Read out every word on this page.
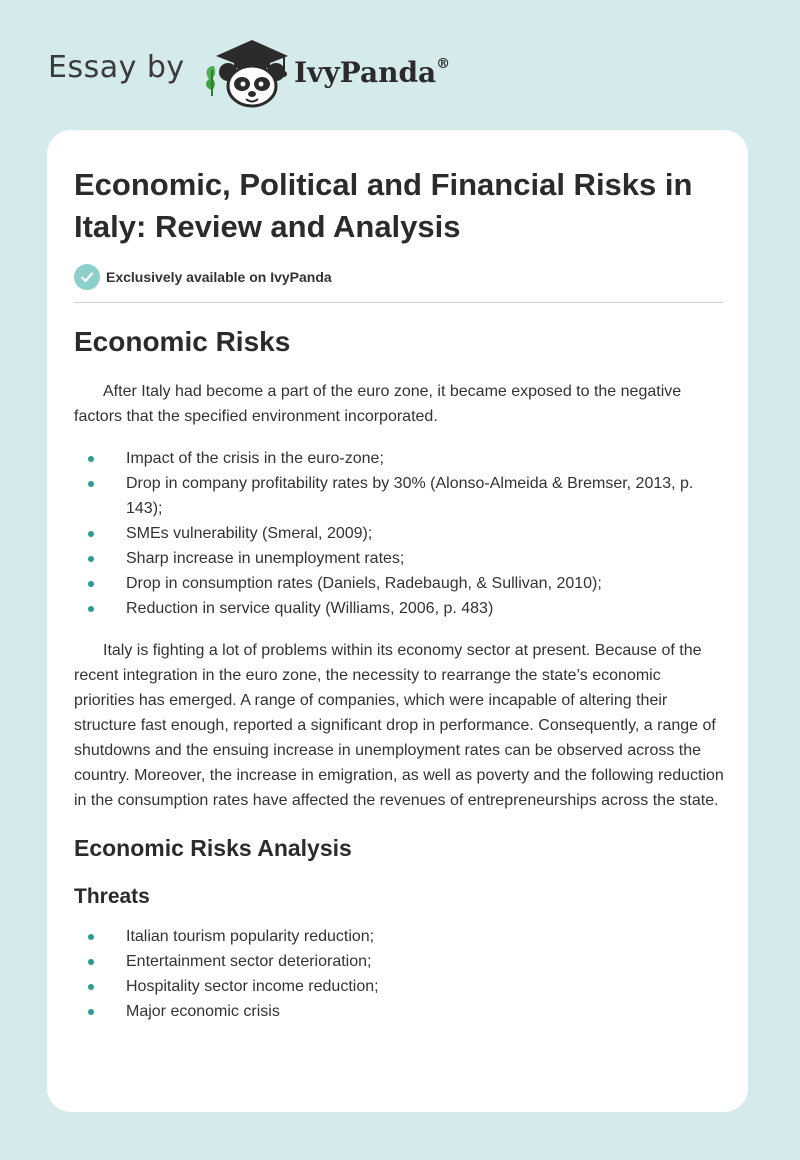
Essay by	IvyPanda®
Economic, Political and Financial Risks in Italy: Review and Analysis
Exclusively available on IvyPanda
Economic Risks

After Italy had become a part of the euro zone, it became exposed to the negative factors that the specified environment incorporated.

Impact of the crisis in the euro-zone;
Drop in company profitability rates by 30% (Alonso-Almeida & Bremser, 2013, p. 143);
SMEs vulnerability (Smeral, 2009);
Sharp increase in unemployment rates;
Drop in consumption rates (Daniels, Radebaugh, & Sullivan, 2010);
Reduction in service quality (Williams, 2006, p. 483)

Italy is fighting a lot of problems within its economy sector at present. Because of the recent integration in the euro zone, the necessity to rearrange the state’s economic priorities has emerged. A range of companies, which were incapable of altering their structure fast enough, reported a significant drop in performance. Consequently, a range of shutdowns and the ensuing increase in unemployment rates can be observed across the country. Moreover, the increase in emigration, as well as poverty and the following reduction in the consumption rates have affected the revenues of entrepreneurships across the state.

Economic Risks Analysis
Threats
Italian tourism popularity reduction;
Entertainment sector deterioration;
Hospitality sector income reduction;
Major economic crisis
